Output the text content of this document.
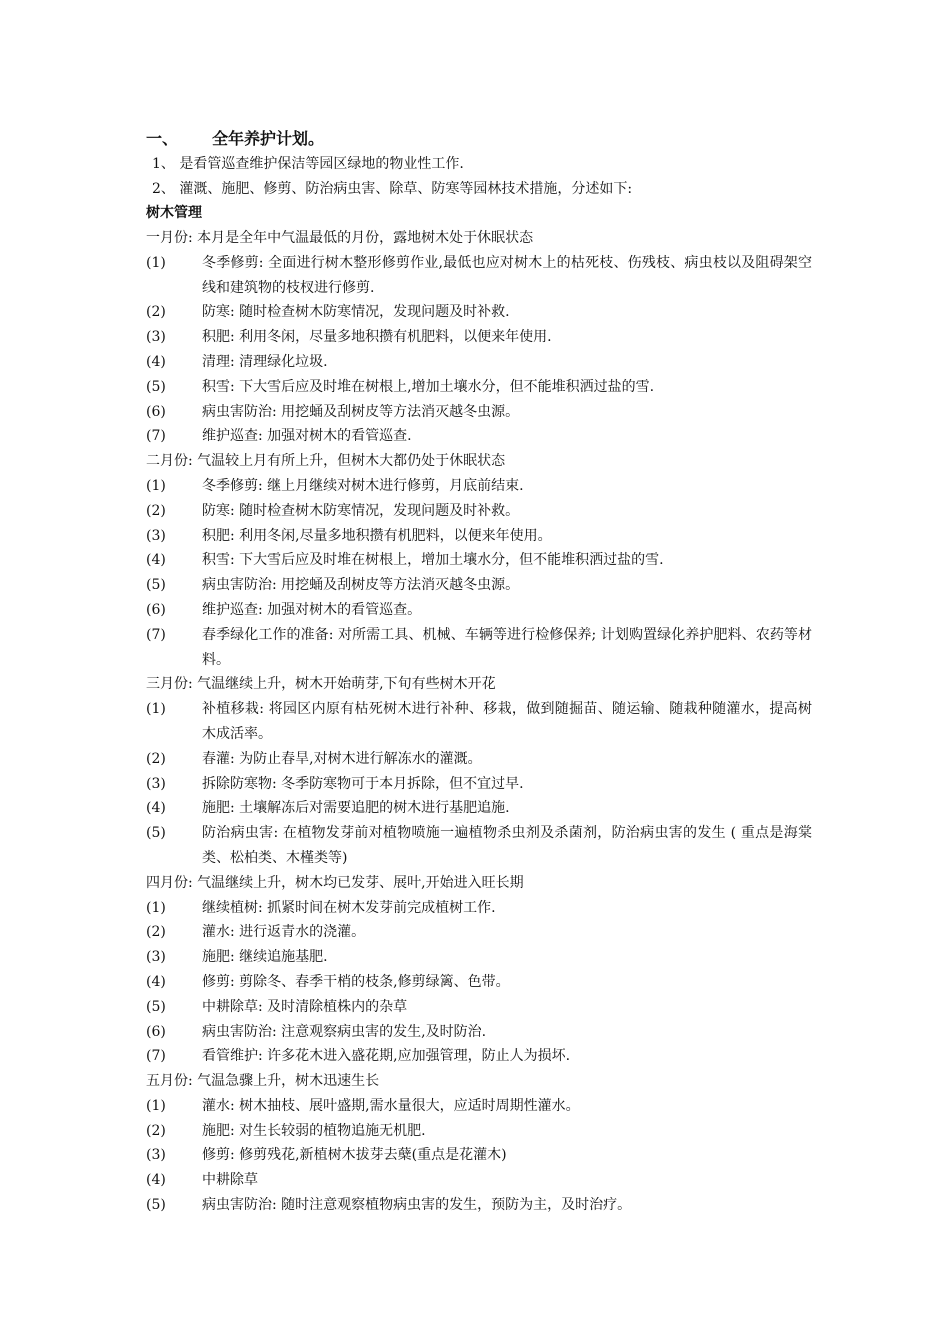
一、	全年养护计划。
1、 是看管巡查维护保洁等园区绿地的物业性工作.
2、 灌溉、施肥、修剪、防治病虫害、除草、防寒等园林技术措施，分述如下:
树木管理
一月份: 本月是全年中气温最低的月份，露地树木处于休眠状态
(1)	冬季修剪: 全面进行树木整形修剪作业,最低也应对树木上的枯死枝、伤残枝、病虫枝以及阻碍架空线和建筑物的枝杈进行修剪.
(2)	防寒: 随时检查树木防寒情况，发现问题及时补救.
(3)	积肥: 利用冬闲，尽量多地积攒有机肥料，以便来年使用.
(4)	清理: 清理绿化垃圾.
(5)	积雪: 下大雪后应及时堆在树根上,增加土壤水分，但不能堆积洒过盐的雪.
(6)	病虫害防治: 用挖蛹及刮树皮等方法消灭越冬虫源。
(7)	维护巡查: 加强对树木的看管巡查.
二月份: 气温较上月有所上升，但树木大都仍处于休眠状态
(1)	冬季修剪: 继上月继续对树木进行修剪，月底前结束.
(2)	防寒: 随时检查树木防寒情况，发现问题及时补救。
(3)	积肥: 利用冬闲,尽量多地积攒有机肥料，以便来年使用。
(4)	积雪: 下大雪后应及时堆在树根上，增加土壤水分，但不能堆积洒过盐的雪.
(5)	病虫害防治: 用挖蛹及刮树皮等方法消灭越冬虫源。
(6)	维护巡查: 加强对树木的看管巡查。
(7)	春季绿化工作的准备: 对所需工具、机械、车辆等进行检修保养; 计划购置绿化养护肥料、农药等材料。
三月份: 气温继续上升，树木开始萌芽,下旬有些树木开花
(1)	补植移栽: 将园区内原有枯死树木进行补种、移栽，做到随掘苗、随运输、随栽种随灌水，提高树木成活率。
(2)	春灌: 为防止春旱,对树木进行解冻水的灌溉。
(3)	拆除防寒物: 冬季防寒物可于本月拆除，但不宜过早.
(4)	施肥: 土壤解冻后对需要追肥的树木进行基肥追施.
(5)	防治病虫害: 在植物发芽前对植物喷施一遍植物杀虫剂及杀菌剂，防治病虫害的发生 ( 重点是海棠类、松柏类、木槿类等)
四月份: 气温继续上升，树木均已发芽、展叶,开始进入旺长期
(1)	继续植树: 抓紧时间在树木发芽前完成植树工作.
(2)	灌水: 进行返青水的浇灌。
(3)	施肥: 继续追施基肥.
(4)	修剪: 剪除冬、春季干梢的枝条,修剪绿篱、色带。
(5)	中耕除草: 及时清除植株内的杂草
(6)	病虫害防治: 注意观察病虫害的发生,及时防治.
(7)	看管维护: 许多花木进入盛花期,应加强管理，防止人为损坏.
五月份: 气温急骤上升，树木迅速生长
(1)	灌水: 树木抽枝、展叶盛期,需水量很大，应适时周期性灌水。
(2)	施肥: 对生长较弱的植物追施无机肥.
(3)	修剪: 修剪残花,新植树木拔芽去蘖(重点是花灌木)
(4)	中耕除草
(5)	病虫害防治: 随时注意观察植物病虫害的发生，预防为主，及时治疗。
